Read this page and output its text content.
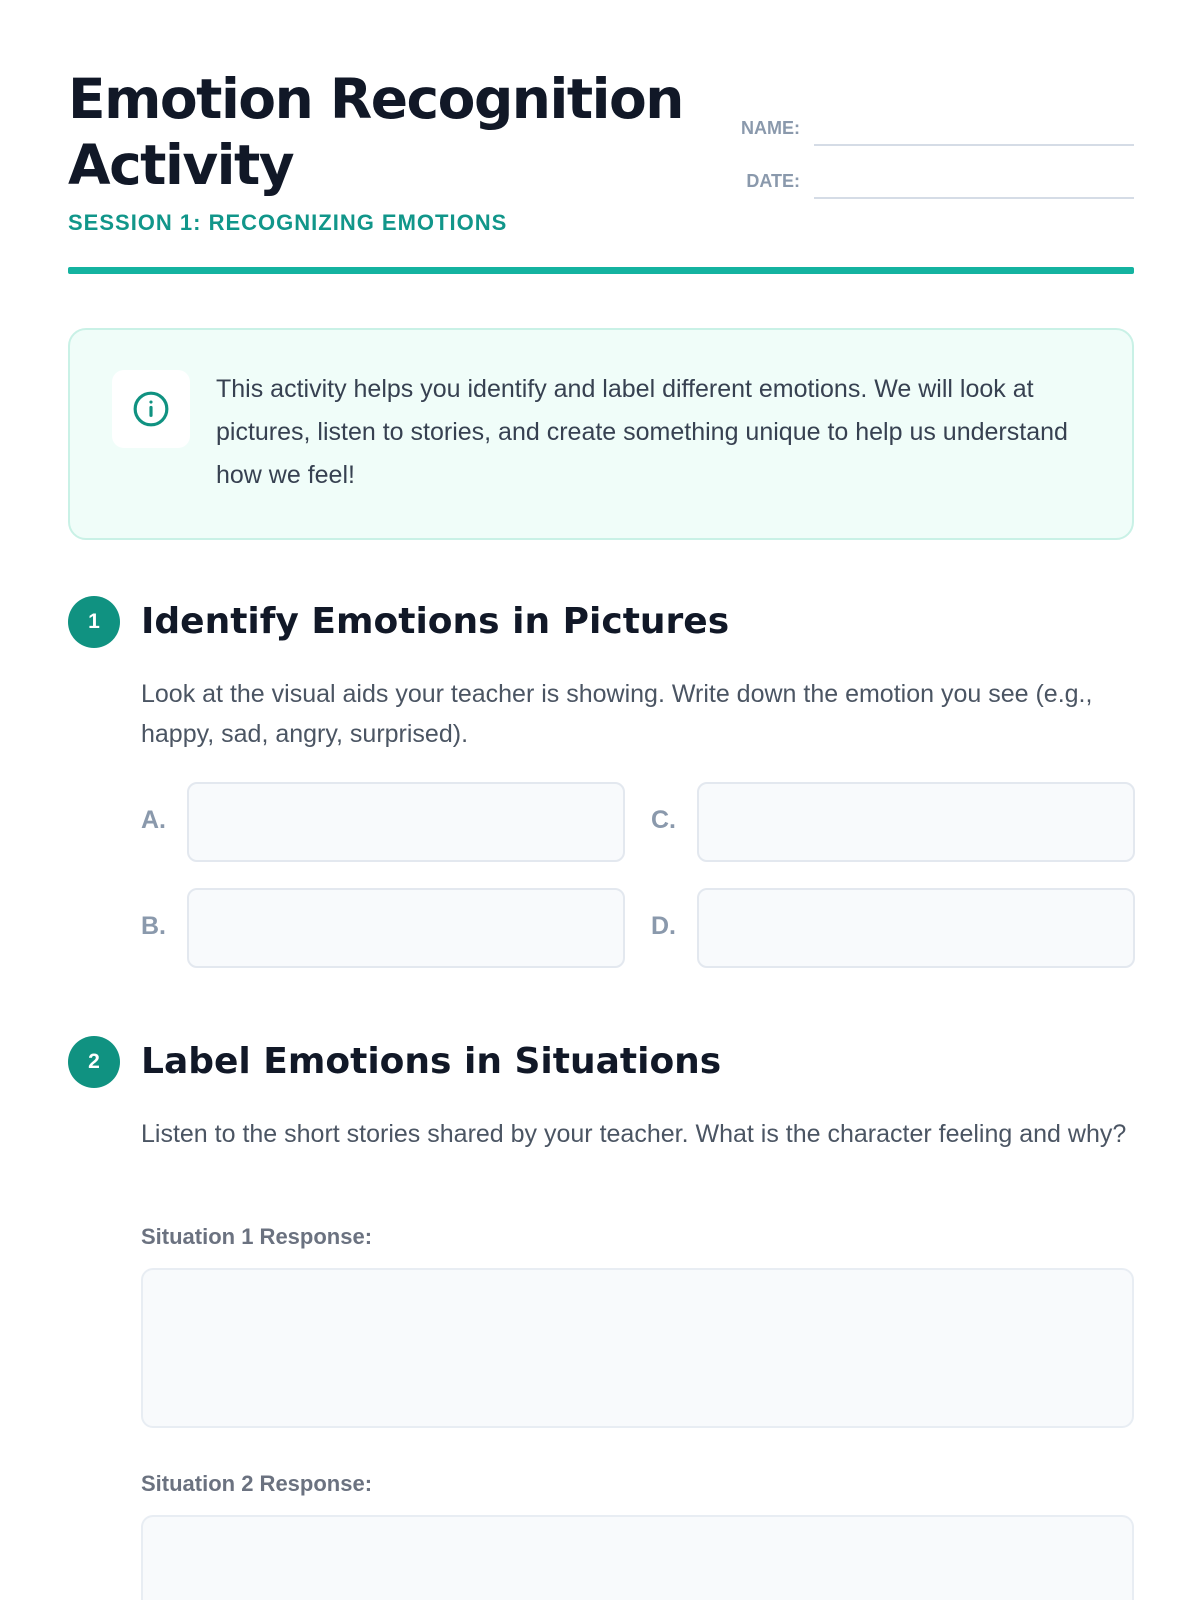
Emotion Recognition Activity
SESSION 1: RECOGNIZING EMOTIONS
NAME:
DATE:

This activity helps you identify and label different emotions. We will look at pictures, listen to stories, and create something unique to help us understand how we feel!

1	Identify Emotions in Pictures

Look at the visual aids your teacher is showing. Write down the emotion you see (e.g., happy, sad, angry, surprised).

A.	C.
B.	D.
2	Label Emotions in Situations

Listen to the short stories shared by your teacher. What is the character feeling and why?

Situation 1 Response:
Situation 2 Response:
